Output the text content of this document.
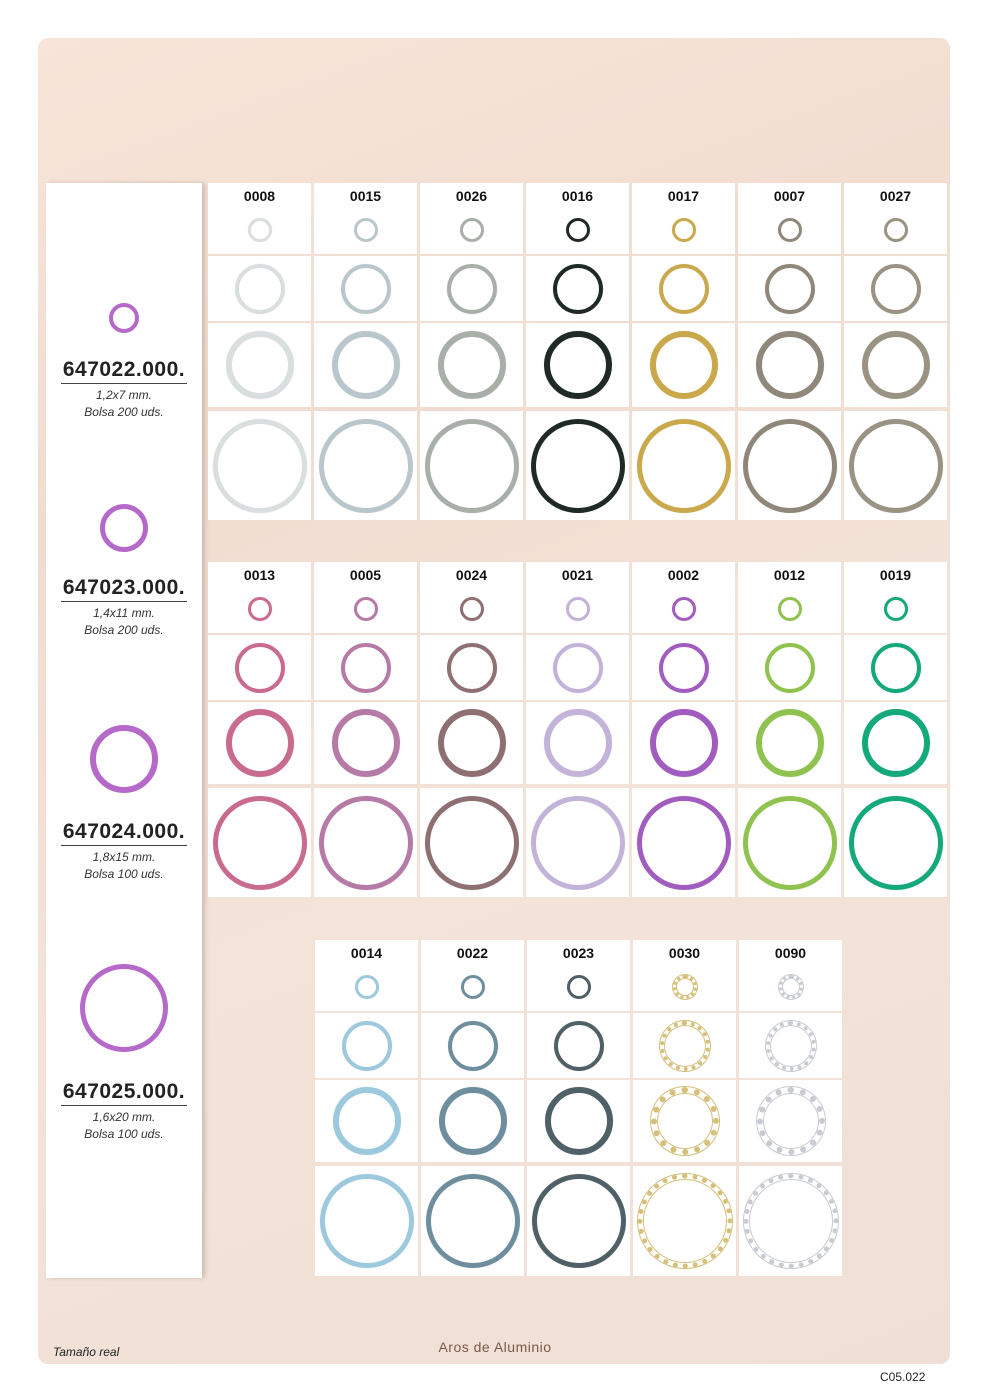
647022.000.
1,2x7 mm.
Bolsa 200 uds.
647023.000.
1,4x11 mm.
Bolsa 200 uds.
647024.000.
1,8x15 mm.
Bolsa 100 uds.
647025.000.
1,6x20 mm.
Bolsa 100 uds.
0008	0015	0026	0016	0017	0007	0027
0013	0005	0024	0021	0002	0012	0019
0014	0022	0023	0030	0090
Tamaño real	Aros de Aluminio
C05.022
